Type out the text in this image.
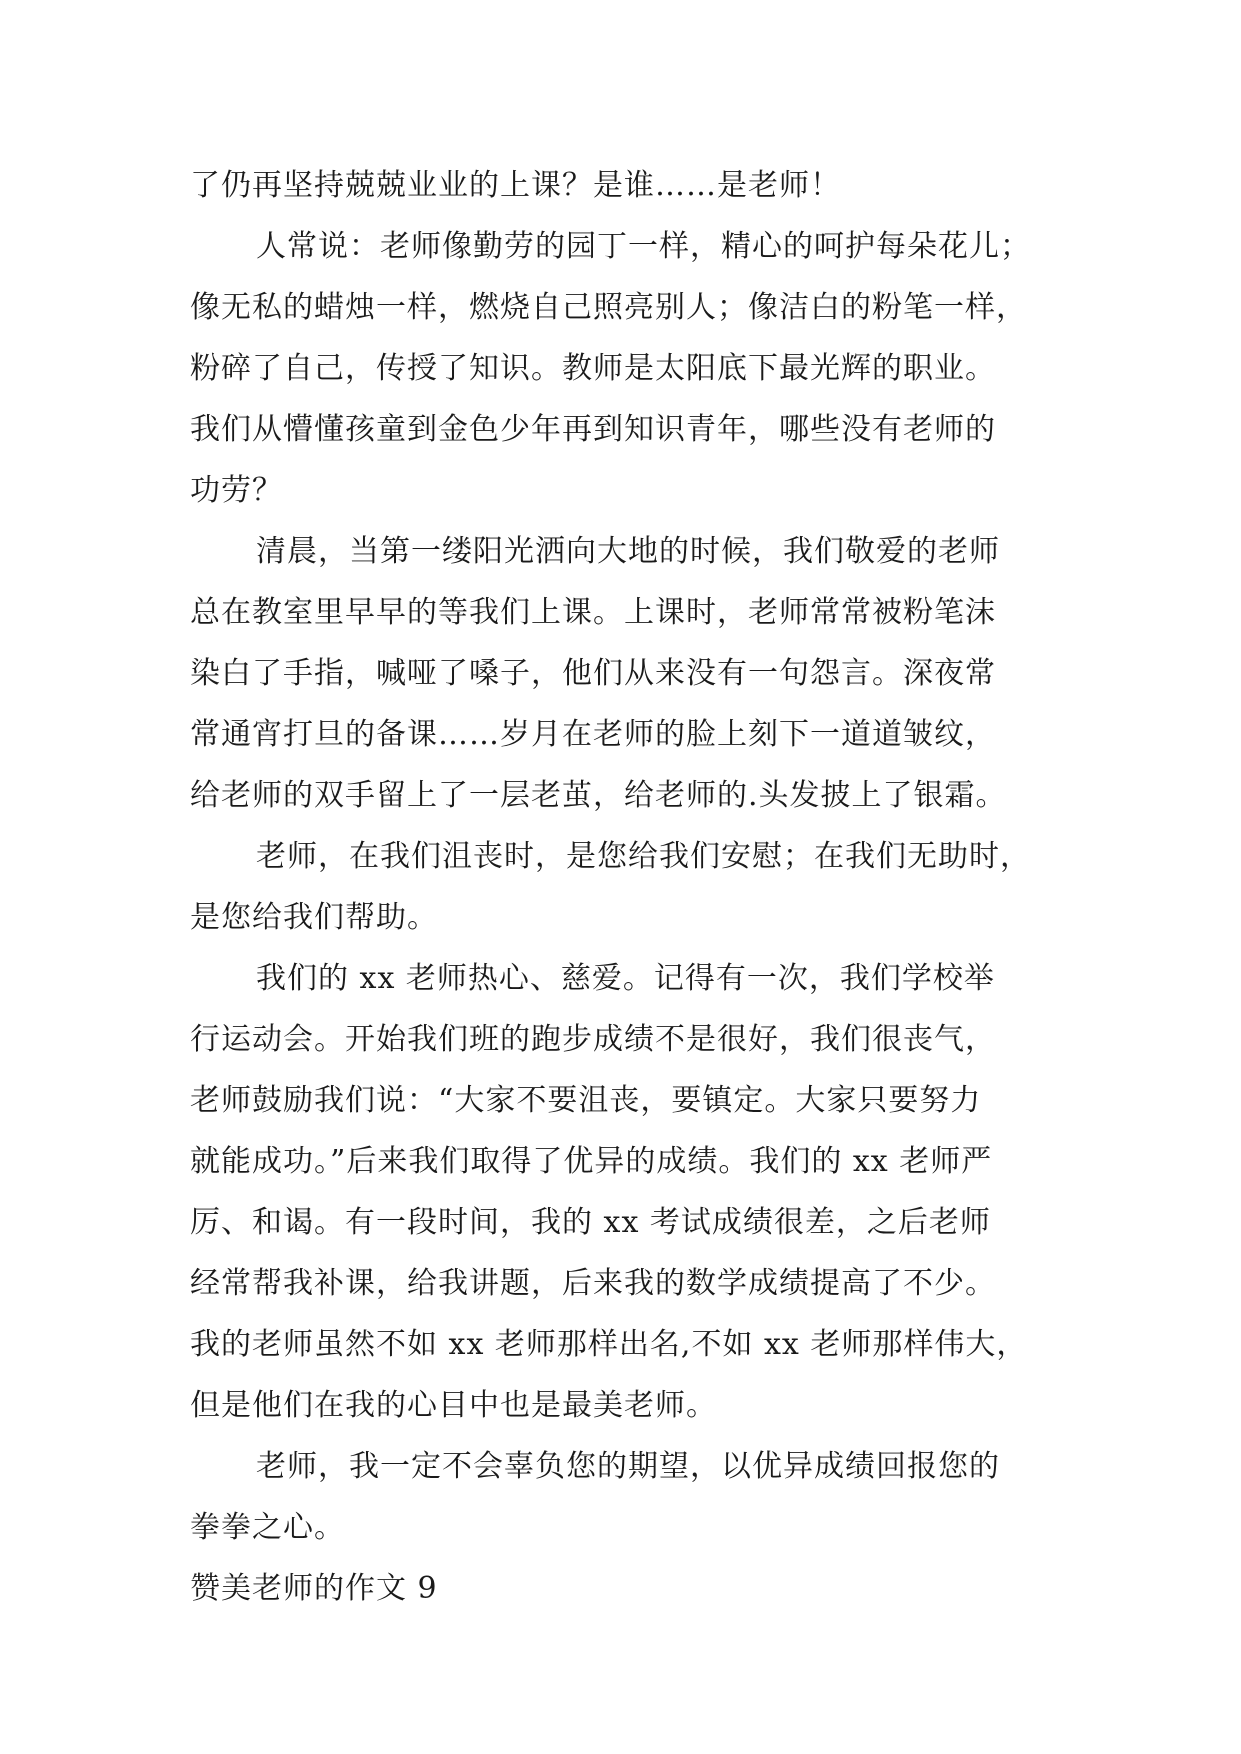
了仍再坚持兢兢业业的上课？是谁……是老师！
人常说：老师像勤劳的园丁一样，精心的呵护每朵花儿；
像无私的蜡烛一样，燃烧自己照亮别人；像洁白的粉笔一样，
粉碎了自己，传授了知识。教师是太阳底下最光辉的职业。
我们从懵懂孩童到金色少年再到知识青年，哪些没有老师的
功劳？
清晨，当第一缕阳光洒向大地的时候，我们敬爱的老师
总在教室里早早的等我们上课。上课时，老师常常被粉笔沫
染白了手指，喊哑了嗓子，他们从来没有一句怨言。深夜常
常通宵打旦的备课……岁月在老师的脸上刻下一道道皱纹，
给老师的双手留上了一层老茧，给老师的.头发披上了银霜。
老师，在我们沮丧时，是您给我们安慰；在我们无助时，
是您给我们帮助。
我们的 xx 老师热心、慈爱。记得有一次，我们学校举
行运动会。开始我们班的跑步成绩不是很好，我们很丧气，
老师鼓励我们说：“大家不要沮丧，要镇定。大家只要努力
就能成功。”后来我们取得了优异的成绩。我们的 xx 老师严
厉、和谒。有一段时间，我的 xx 考试成绩很差，之后老师
经常帮我补课，给我讲题，后来我的数学成绩提高了不少。
我的老师虽然不如 xx 老师那样出名,不如 xx 老师那样伟大，
但是他们在我的心目中也是最美老师。
老师，我一定不会辜负您的期望，以优异成绩回报您的
拳拳之心。
赞美老师的作文 9
